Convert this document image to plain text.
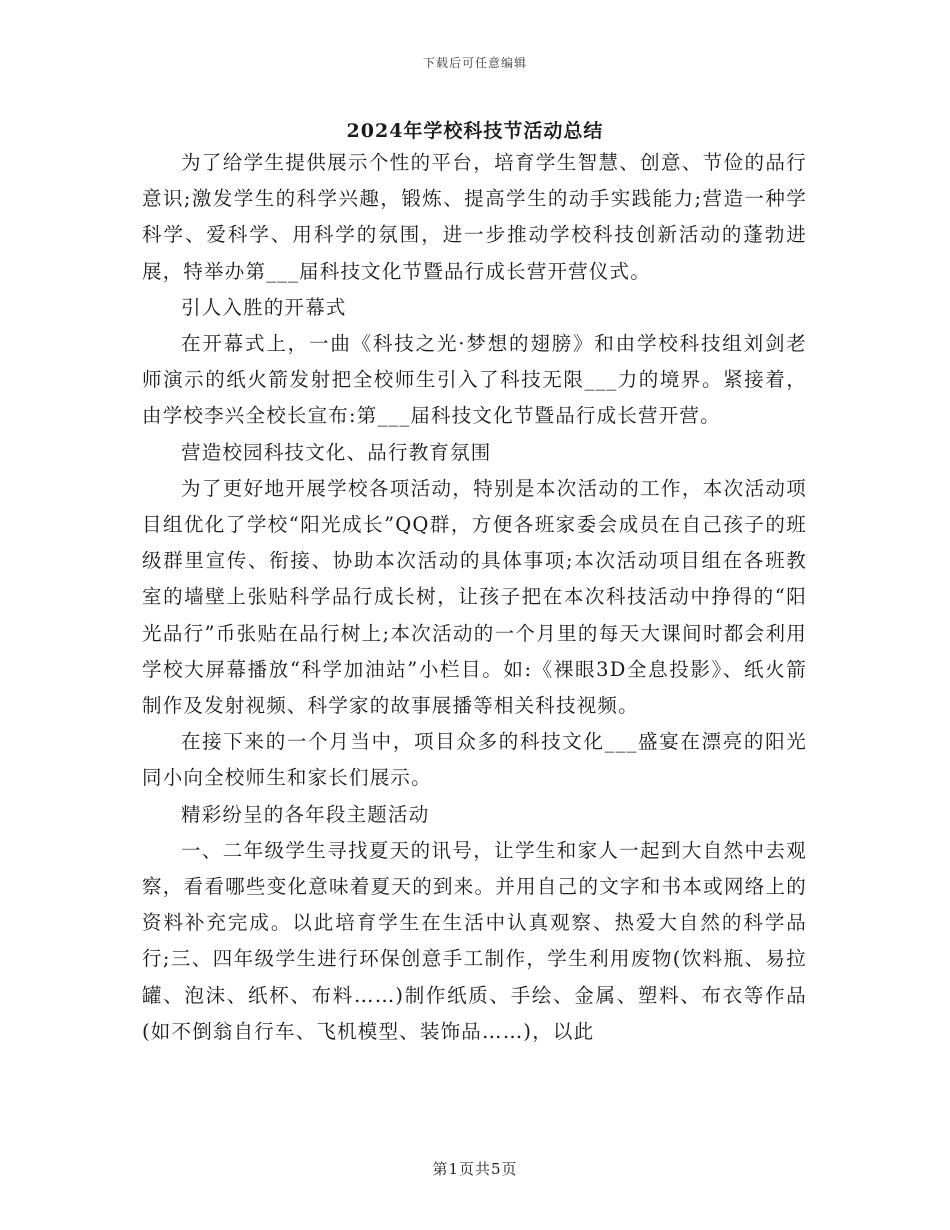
下载后可任意编辑
2024年学校科技节活动总结

为了给学生提供展示个性的平台，培育学生智慧、创意、节俭的品行意识;激发学生的科学兴趣，锻炼、提高学生的动手实践能力;营造一种学科学、爱科学、用科学的氛围，进一步推动学校科技创新活动的蓬勃进展，特举办第___届科技文化节暨品行成长营开营仪式。

引人入胜的开幕式

在开幕式上，一曲《科技之光·梦想的翅膀》和由学校科技组刘剑老师演示的纸火箭发射把全校师生引入了科技无限___力的境界。紧接着，由学校李兴全校长宣布:第___届科技文化节暨品行成长营开营。

营造校园科技文化、品行教育氛围

为了更好地开展学校各项活动，特别是本次活动的工作，本次活动项目组优化了学校“阳光成长”QQ群，方便各班家委会成员在自己孩子的班级群里宣传、衔接、协助本次活动的具体事项;本次活动项目组在各班教室的墙壁上张贴科学品行成长树，让孩子把在本次科技活动中挣得的“阳光品行”币张贴在品行树上;本次活动的一个月里的每天大课间时都会利用学校大屏幕播放“科学加油站”小栏目。如:《裸眼3D全息投影》、纸火箭制作及发射视频、科学家的故事展播等相关科技视频。

在接下来的一个月当中，项目众多的科技文化___盛宴在漂亮的阳光同小向全校师生和家长们展示。

精彩纷呈的各年段主题活动

一、二年级学生寻找夏天的讯号，让学生和家人一起到大自然中去观察，看看哪些变化意味着夏天的到来。并用自己的文字和书本或网络上的资料补充完成。以此培育学生在生活中认真观察、热爱大自然的科学品行;三、四年级学生进行环保创意手工制作，学生利用废物(饮料瓶、易拉罐、泡沫、纸杯、布料……)制作纸质、手绘、金属、塑料、布衣等作品(如不倒翁自行车、飞机模型、装饰品……)，以此

第1页共5页
